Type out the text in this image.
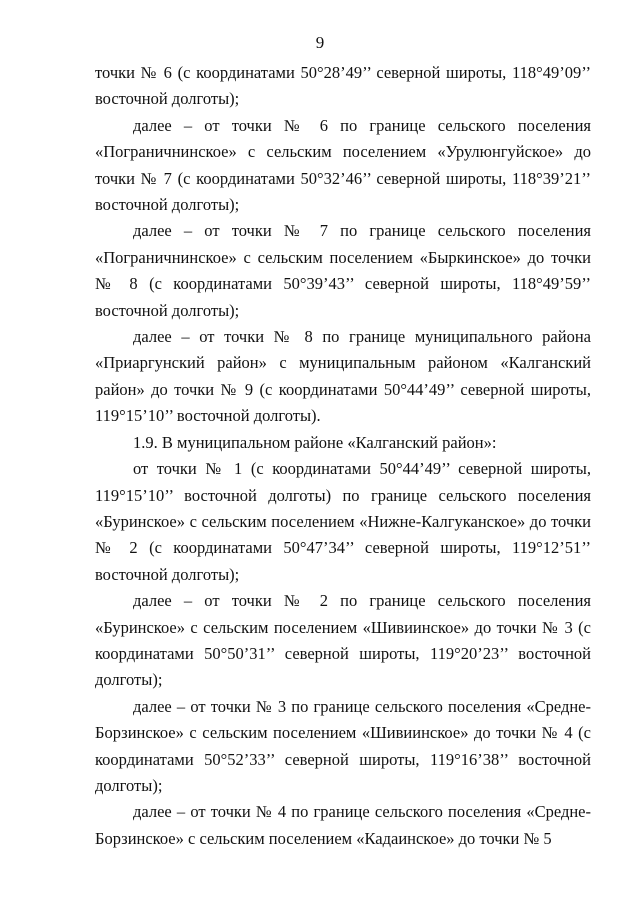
9

точки № 6 (с координатами 50°28’49’’ северной широты, 118°49’09’’ восточной долготы);

далее – от точки № 6 по границе сельского поселения «Пограничнинское» с сельским поселением «Урулюнгуйское» до точки № 7 (с координатами 50°32’46’’ северной широты, 118°39’21’’ восточной долготы);

далее – от точки № 7 по границе сельского поселения «Пограничнинское» с сельским поселением «Быркинское» до точки № 8 (с координатами 50°39’43’’ северной широты, 118°49’59’’ восточной долготы);

далее – от точки № 8 по границе муниципального района «Приаргунский район» с муниципальным районом «Калганский район» до точки № 9 (с координатами 50°44’49’’ северной широты, 119°15’10’’ восточной долготы).

1.9. В муниципальном районе «Калганский район»:

от точки № 1 (с координатами 50°44’49’’ северной широты, 119°15’10’’ восточной долготы) по границе сельского поселения «Буринское» с сельским поселением «Нижне-Калгуканское» до точки № 2 (с координатами 50°47’34’’ северной широты, 119°12’51’’ восточной долготы);

далее – от точки № 2 по границе сельского поселения «Буринское» с сельским поселением «Шивиинское» до точки № 3 (с координатами 50°50’31’’ северной широты, 119°20’23’’ восточной долготы);

далее – от точки № 3 по границе сельского поселения «Средне-Борзинское» с сельским поселением «Шивиинское» до точки № 4 (с координатами 50°52’33’’ северной широты, 119°16’38’’ восточной долготы);

далее – от точки № 4 по границе сельского поселения «Средне-Борзинское» с сельским поселением «Кадаинское» до точки № 5
